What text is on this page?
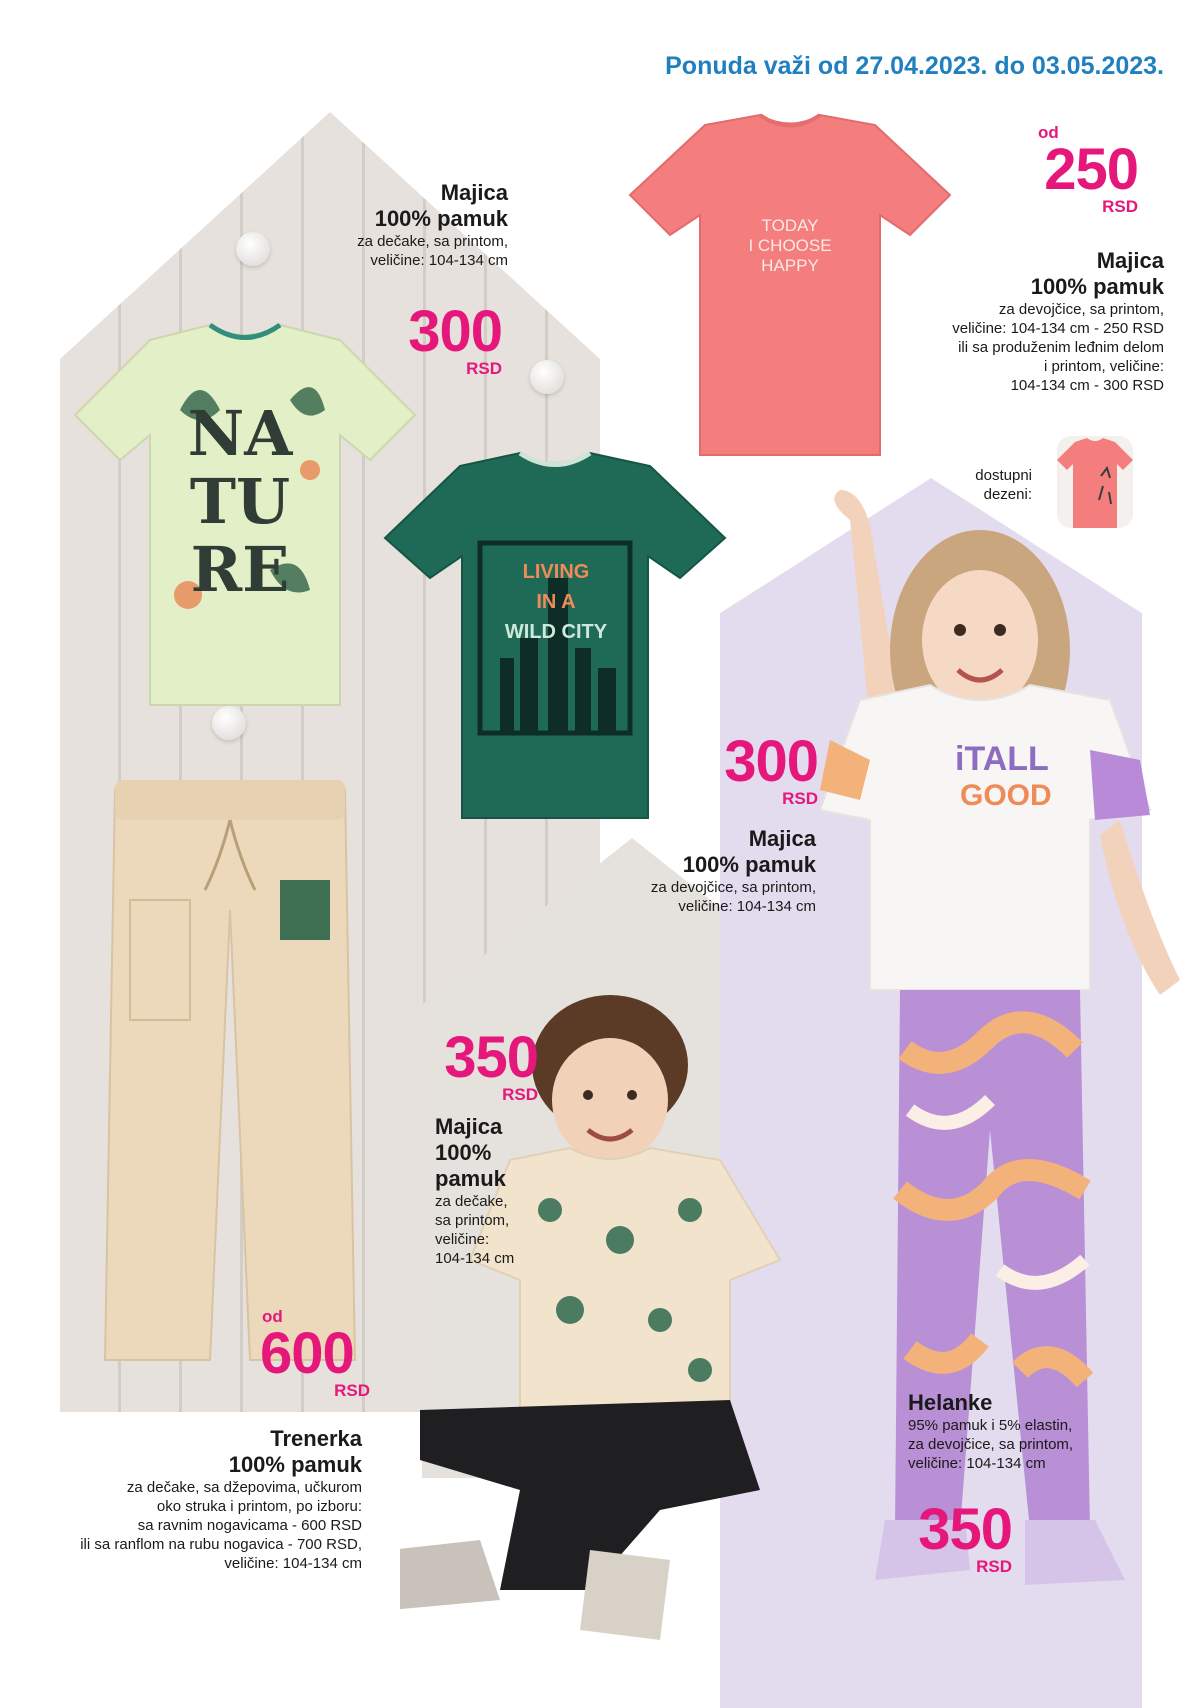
Ponuda važi od 27.04.2023. do 03.05.2023.
NA
TU
RE	LIVING
IN A
WILD CITY
TODAY
I CHOOSE
HAPPY
iTALL
GOOD
Majica
100% pamuk
za dečake, sa printom,
veličine: 104-134 cm
300
RSD
od
250
RSD
Majica
100% pamuk
za devojčice, sa printom,
veličine: 104-134 cm - 250 RSD
ili sa produženim leđnim delom
i printom, veličine:
104-134 cm - 300 RSD
dostupni
dezeni:
300
RSD
Majica
100% pamuk
za devojčice, sa printom,
veličine: 104-134 cm
350
RSD
Majica
100%
pamuk
za dečake,
sa printom,
veličine:
104-134 cm
od
600
RSD
Trenerka
100% pamuk
za dečake, sa džepovima, učkurom
oko struka i printom, po izboru:
sa ravnim nogavicama - 600 RSD
ili sa ranflom na rubu nogavica - 700 RSD,
veličine: 104-134 cm
Helanke
95% pamuk i 5% elastin,
za devojčice, sa printom,
veličine: 104-134 cm
350
RSD
